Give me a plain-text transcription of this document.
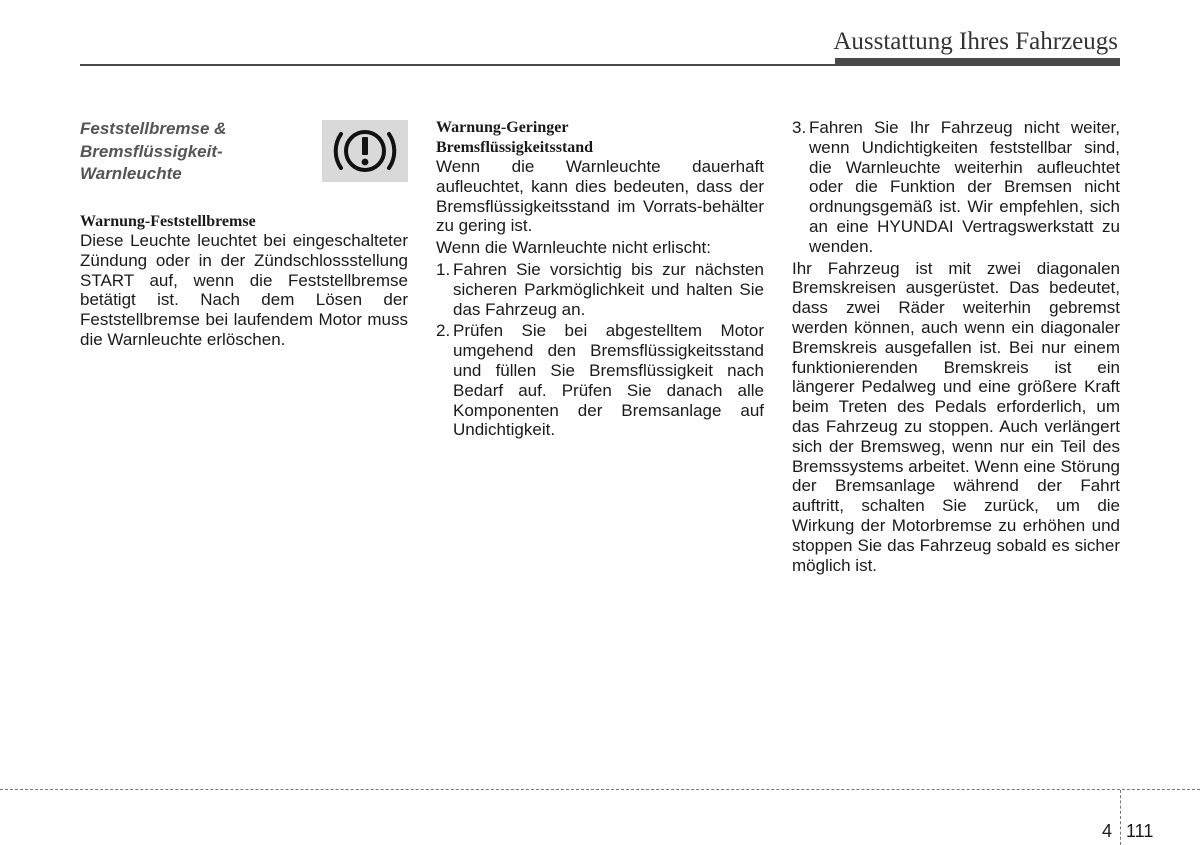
Ausstattung Ihres Fahrzeugs
Feststellbremse &
Bremsflüssigkeit-
Warnleuchte

Warnung-Feststellbremse

Diese Leuchte leuchtet bei eingeschalteter Zündung oder in der Zündschlossstellung START auf, wenn die Feststellbremse betätigt ist. Nach dem Lösen der Feststellbremse bei laufendem Motor muss die Warnleuchte erlöschen.

Warnung-Geringer
Bremsflüssigkeitsstand

Wenn die Warnleuchte dauerhaft aufleuchtet, kann dies bedeuten, dass der Bremsflüssigkeitsstand im Vorrats-behälter zu gering ist.

Wenn die Warnleuchte nicht erlischt:

1. Fahren Sie vorsichtig bis zur nächsten sicheren Parkmöglichkeit und halten Sie das Fahrzeug an.
2. Prüfen Sie bei abgestelltem Motor umgehend den Bremsflüssigkeitsstand und füllen Sie Bremsflüssigkeit nach Bedarf auf. Prüfen Sie danach alle Komponenten der Bremsanlage auf Undichtigkeit.
3. Fahren Sie Ihr Fahrzeug nicht weiter, wenn Undichtigkeiten feststellbar sind, die Warnleuchte weiterhin aufleuchtet oder die Funktion der Bremsen nicht ordnungsgemäß ist. Wir empfehlen, sich an eine HYUNDAI Vertragswerkstatt zu wenden.

Ihr Fahrzeug ist mit zwei diagonalen Bremskreisen ausgerüstet. Das bedeutet, dass zwei Räder weiterhin gebremst werden können, auch wenn ein diagonaler Bremskreis ausgefallen ist. Bei nur einem funktionierenden Bremskreis ist ein längerer Pedalweg und eine größere Kraft beim Treten des Pedals erforderlich, um das Fahrzeug zu stoppen. Auch verlängert sich der Bremsweg, wenn nur ein Teil des Bremssystems arbeitet. Wenn eine Störung der Bremsanlage während der Fahrt auftritt, schalten Sie zurück, um die Wirkung der Motorbremse zu erhöhen und stoppen Sie das Fahrzeug sobald es sicher möglich ist.

4 111
